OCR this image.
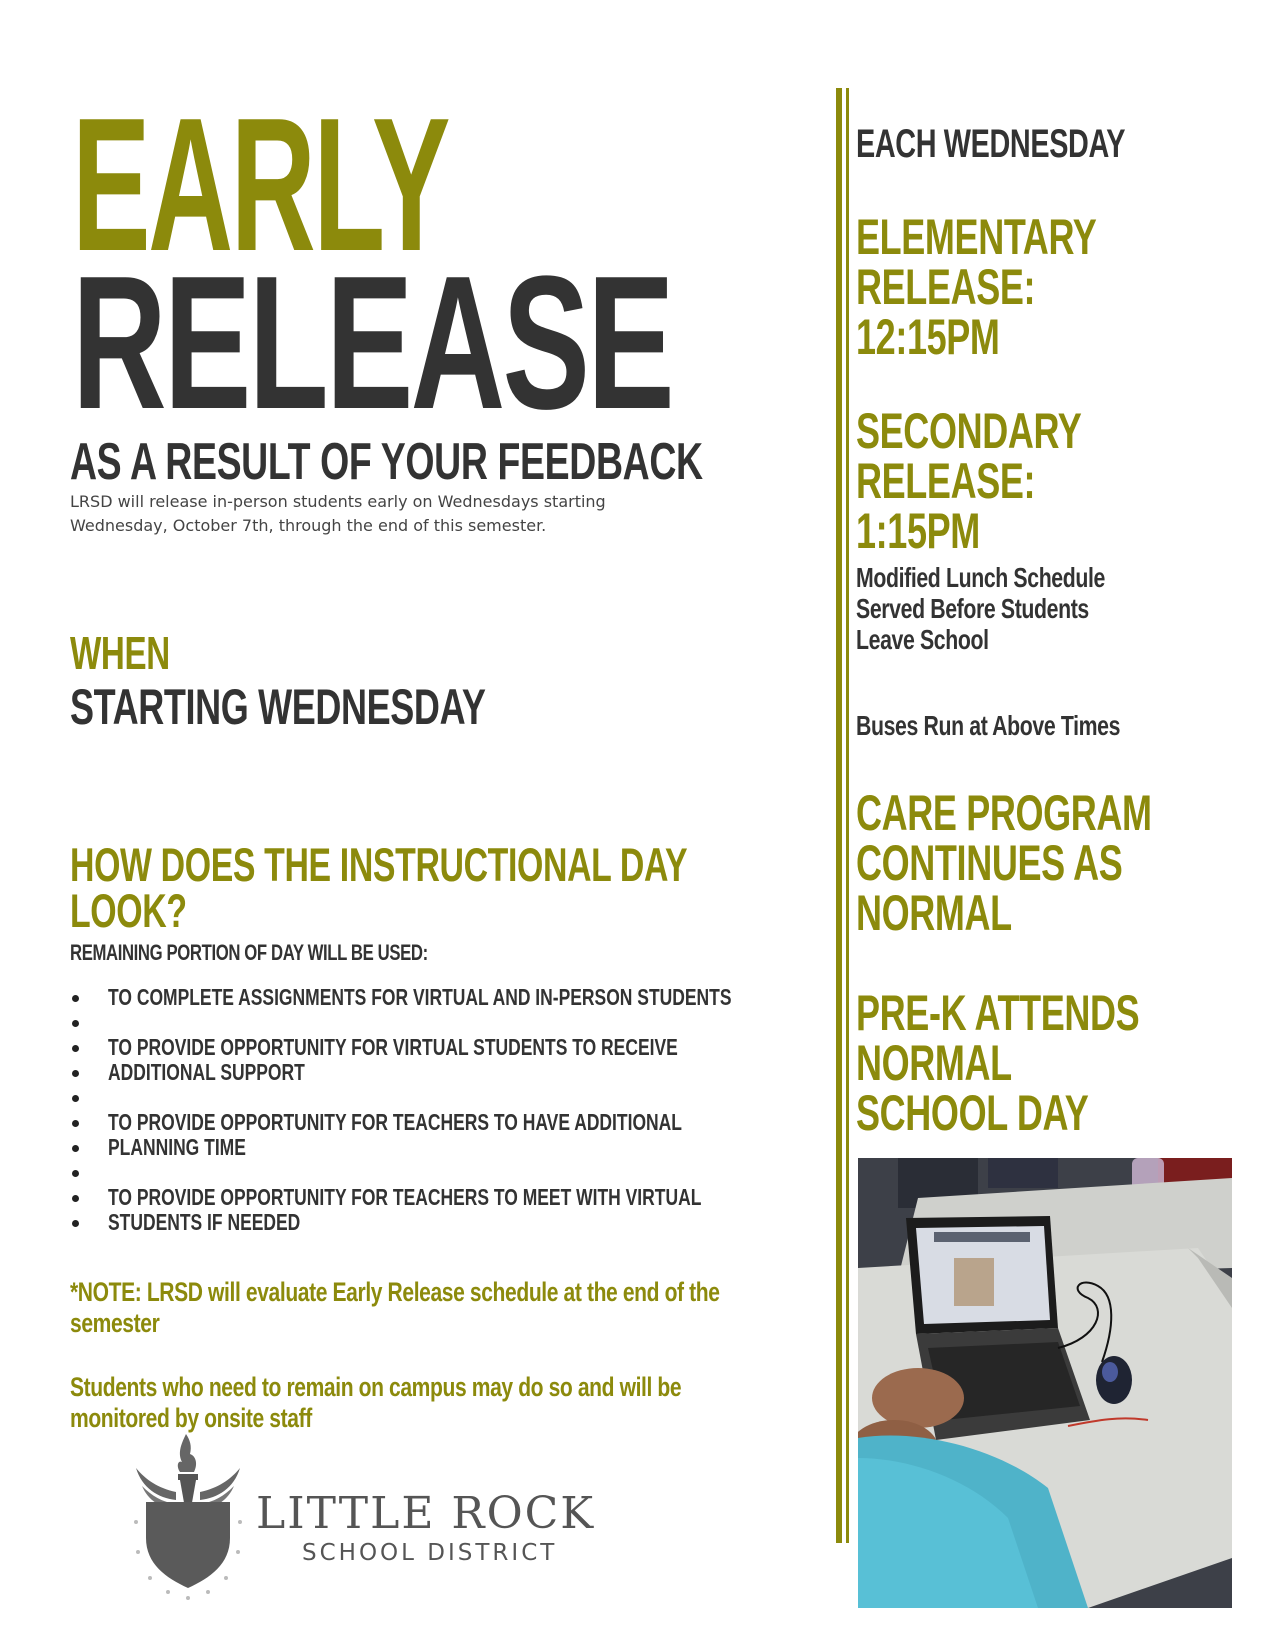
EARLY
RELEASE
AS A RESULT OF YOUR FEEDBACK
LRSD will release in-person students early on Wednesdays starting Wednesday, October 7th, through the end of this semester.
WHEN
STARTING WEDNESDAY
HOW DOES THE INSTRUCTIONAL DAY LOOK?
REMAINING PORTION OF DAY WILL BE USED:
TO COMPLETE ASSIGNMENTS FOR VIRTUAL AND IN-PERSON STUDENTS
TO PROVIDE OPPORTUNITY FOR VIRTUAL STUDENTS TO RECEIVE
ADDITIONAL SUPPORT
TO PROVIDE OPPORTUNITY FOR TEACHERS TO HAVE ADDITIONAL
PLANNING TIME
TO PROVIDE OPPORTUNITY FOR TEACHERS TO MEET WITH VIRTUAL
STUDENTS IF NEEDED
*NOTE: LRSD will evaluate Early Release schedule at the end of the semester
Students who need to remain on campus may do so and will be monitored by onsite staff
LITTLE ROCK
SCHOOL DISTRICT
EACH WEDNESDAY
ELEMENTARY
RELEASE:
12:15PM
SECONDARY
RELEASE:
1:15PM
Modified Lunch Schedule
Served Before Students
Leave School
Buses Run at Above Times
CARE PROGRAM
CONTINUES AS
NORMAL
PRE-K ATTENDS
NORMAL
SCHOOL DAY
